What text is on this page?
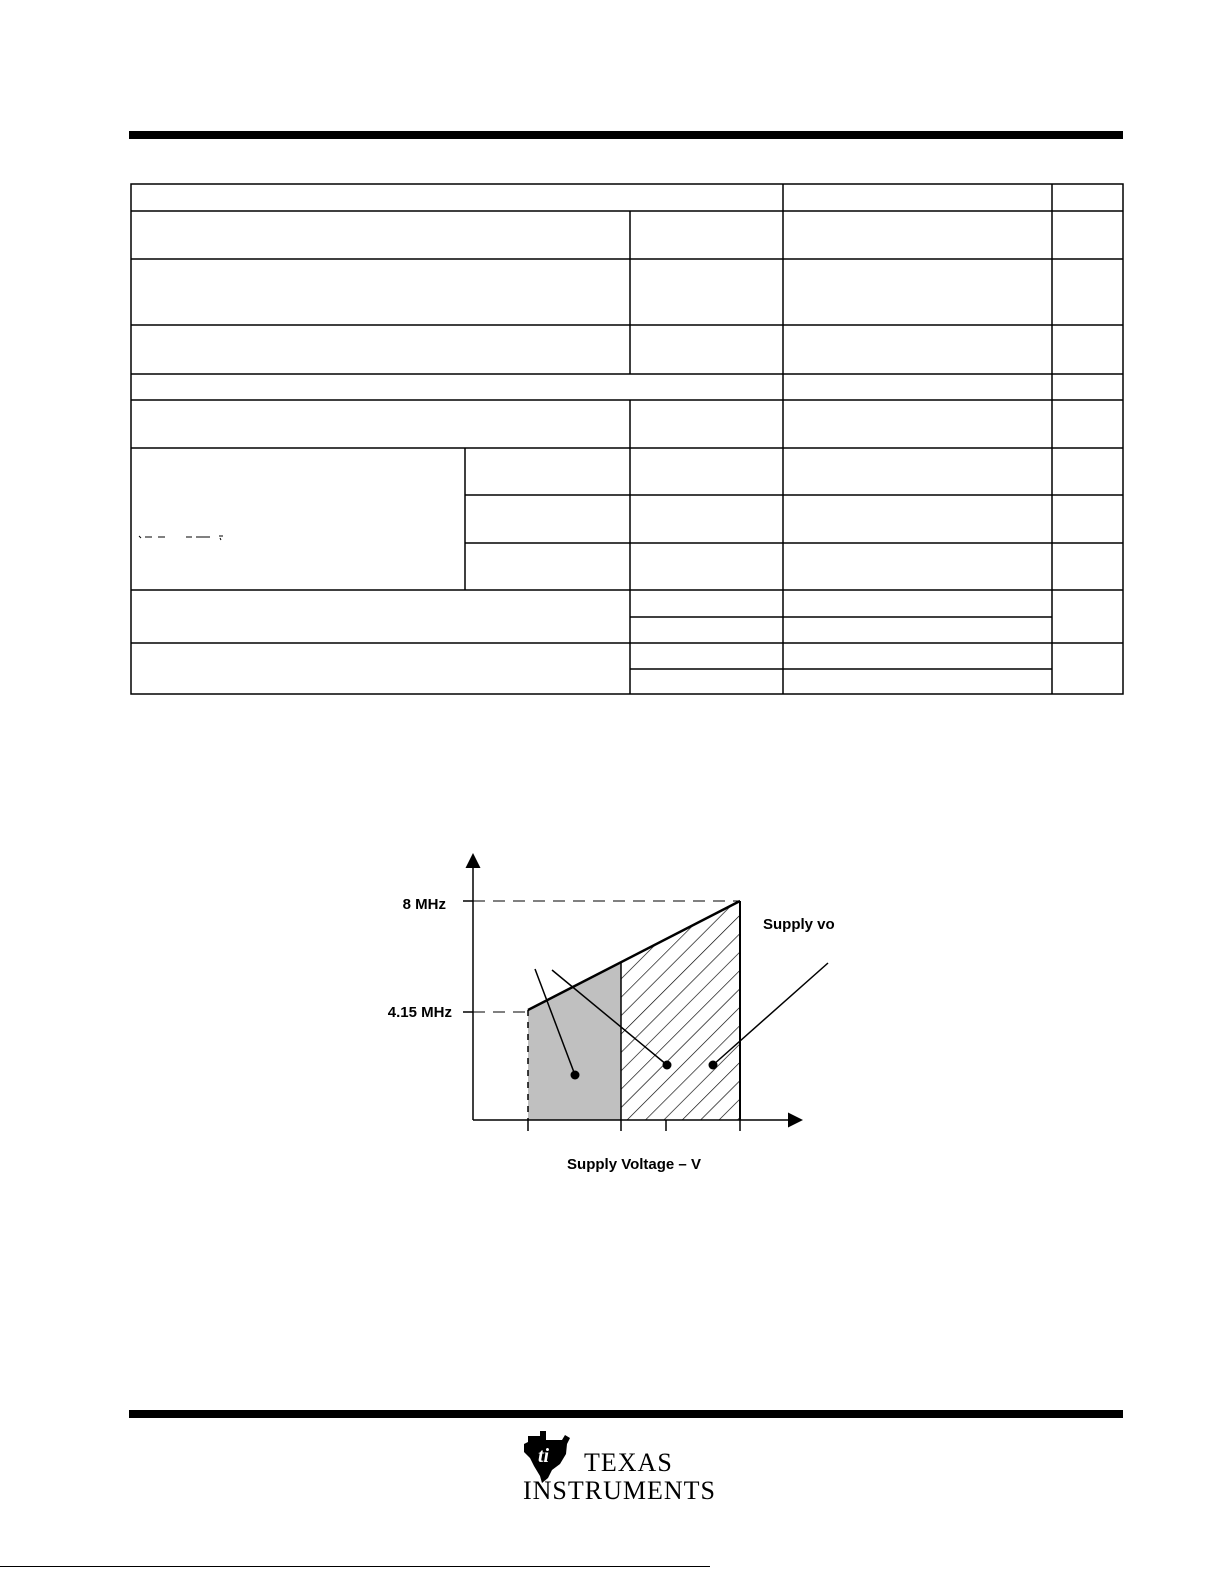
8 MHz
4.15 MHz
Supply vo
Supply Voltage – V
ti TEXAS
INSTRUMENTS
